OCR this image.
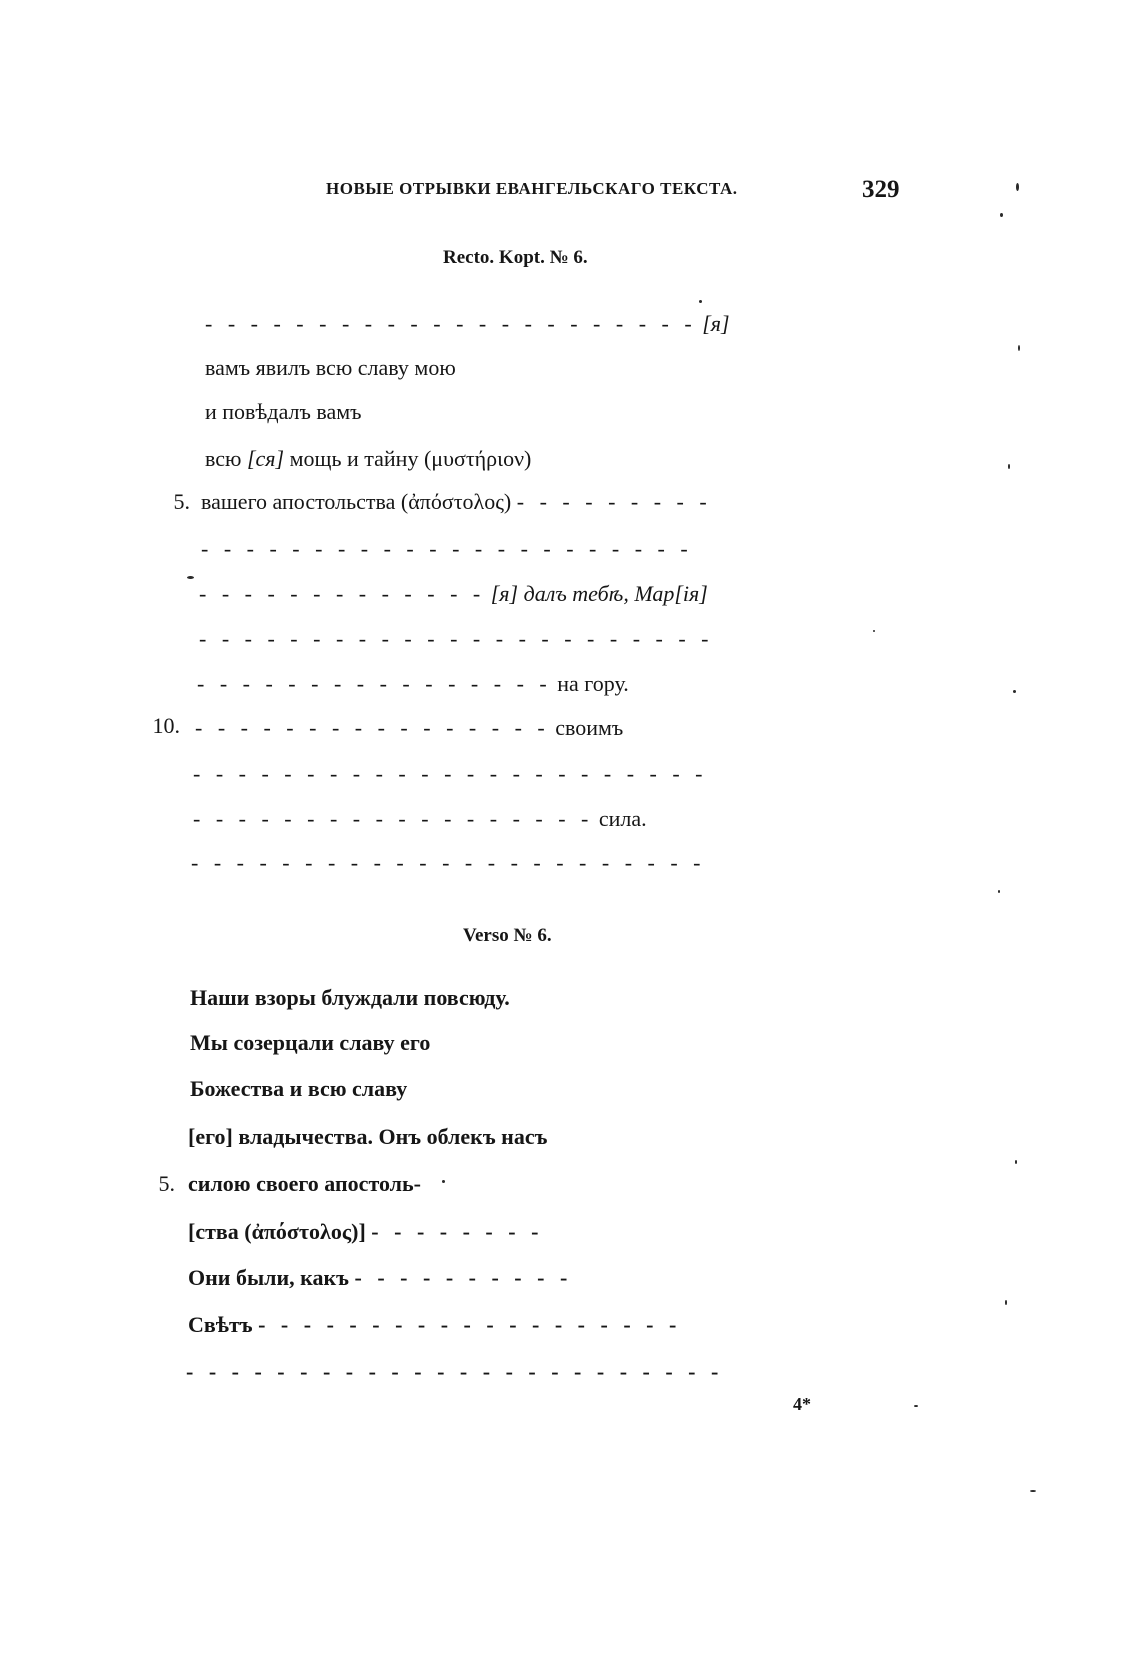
НОВЫЕ ОТРЫВКИ ЕВАНГЕЛЬСКАГО ТЕКСТА.	329
Recto. Kopt. № 6.
- - - - - - - - - - - - - - - - - - - - - - [я]
вамъ явилъ всю славу мою
и повѣдалъ вамъ
всю [ся] мощь и тайну (μυστήριον)
5. вашего апостольства (ἀπόστολος) - - - - - - - - -
- - - - - - - - - - - - - - - - - - - - - -
- - - - - - - - - - - - - [я] далъ тебѣ, Мар[ія]
- - - - - - - - - - - - - - - - - - - - - - -
- - - - - - - - - - - - - - - - на гору.
10. - - - - - - - - - - - - - - - - своимъ
- - - - - - - - - - - - - - - - - - - - - - -
- - - - - - - - - - - - - - - - - - сила.
- - - - - - - - - - - - - - - - - - - - - - -
Verso № 6.
Наши взоры блуждали повсюду.
Мы созерцали славу его
Божества и всю славу
[его] владычества. Онъ облекъ насъ
5. силою своего апостоль-
[ства (ἀπόστολος)] - - - - - - - -
Они были, какъ - - - - - - - - - -
Свѣтъ - - - - - - - - - - - - - - - - - - -
- - - - - - - - - - - - - - - - - - - - - - - -
4*
